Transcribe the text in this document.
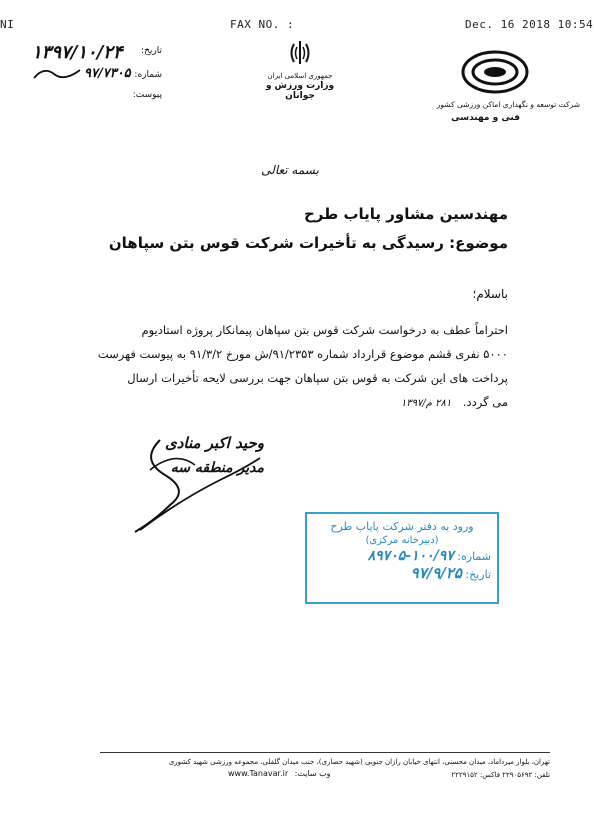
NI	FAX NO. :	Dec. 16 2018 10:54
۱۳۹۷/۱۰/۲۴ تاریخ:
۹۷/۷۳۰۵ شماره:
پیوست:
جمهوری اسلامی ایران
وزارت ورزش و جوانان
شرکت توسعه و نگهداری اماکن ورزشی کشور
فنی و مهندسی
بسمه تعالی
مهندسین مشاور پایاب طرح
موضوع: رسیدگی به تأخیرات شرکت قوس بتن سپاهان
باسلام؛
احتراماً عطف به درخواست شرکت قوس بتن سپاهان پیمانکار پروژه استادیوم
۵۰۰۰ نفری قشم موضوع قرارداد شماره ۹۱/۲۳۵۳/ش مورخ ۹۱/۳/۲ به پیوست فهرست
پرداخت های این شرکت به قوس بتن سپاهان جهت بررسی لایحه تأخیرات ارسال
می گردد. ۲۸۱ م/۱۳۹۷
وحید اکبر منادی
مدیر منطقه سه
ورود به دفتر شرکت پایاب طرح
(دبیرخانه مرکزی)
شماره: ۱۰۰/۹۷-۸۹۷۰۵
تاریخ: ۹۷/۹/۲۵
تهران، بلوار میرداماد، میدان محسنی، انتهای خیابان رازان جنوبی (شهید حصاری)، جنب میدان گلفلی، مجموعه ورزشی شهید کشوری
تلفن: ۲۲۹۰۵۶۹۲ فاکس: ۲۲۲۹۱۵۲
www.Tanavar.ir وب سایت:
